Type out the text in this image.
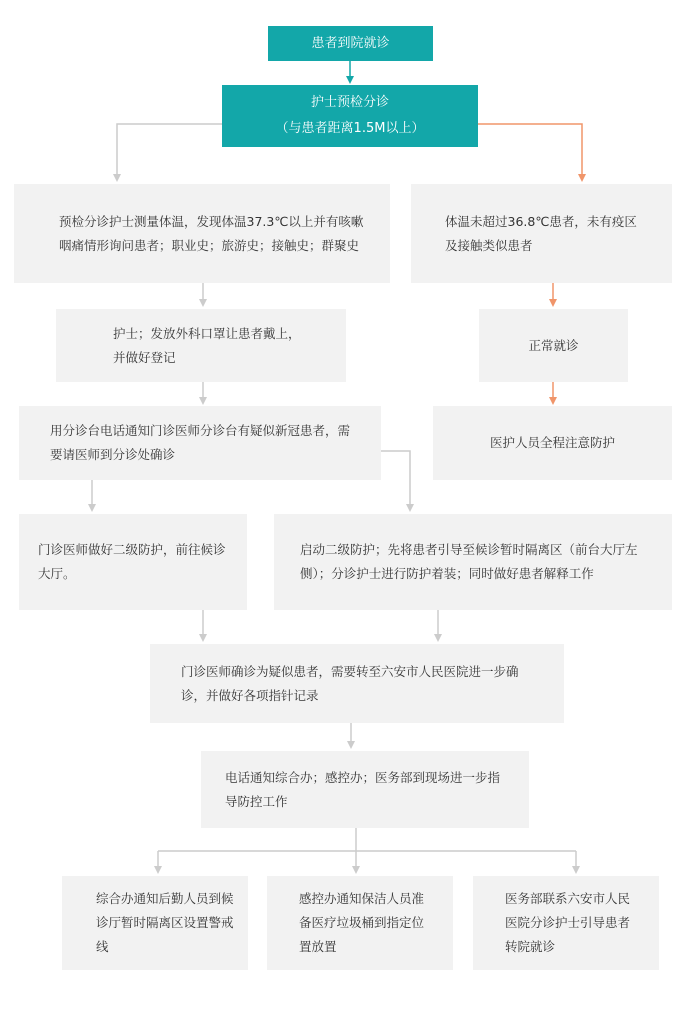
患者到院就诊
护士预检分诊
（与患者距离1.5M以上）
预检分诊护士测量体温，发现体温37.3℃以上并有咳嗽咽痛情形询问患者；职业史；旅游史；接触史；群聚史
体温未超过36.8℃患者，未有疫区及接触类似患者
护士；发放外科口罩让患者戴上，并做好登记
正常就诊
用分诊台电话通知门诊医师分诊台有疑似新冠患者，需要请医师到分诊处确诊
医护人员全程注意防护
门诊医师做好二级防护，前往候诊大厅。
启动二级防护；先将患者引导至候诊暂时隔离区（前台大厅左侧）；分诊护士进行防护着装；同时做好患者解释工作
门诊医师确诊为疑似患者，需要转至六安市人民医院进一步确诊，并做好各项指针记录
电话通知综合办；感控办；医务部到现场进一步指导防控工作
综合办通知后勤人员到候诊厅暂时隔离区设置警戒线
感控办通知保洁人员准备医疗垃圾桶到指定位置放置
医务部联系六安市人民医院分诊护士引导患者转院就诊
